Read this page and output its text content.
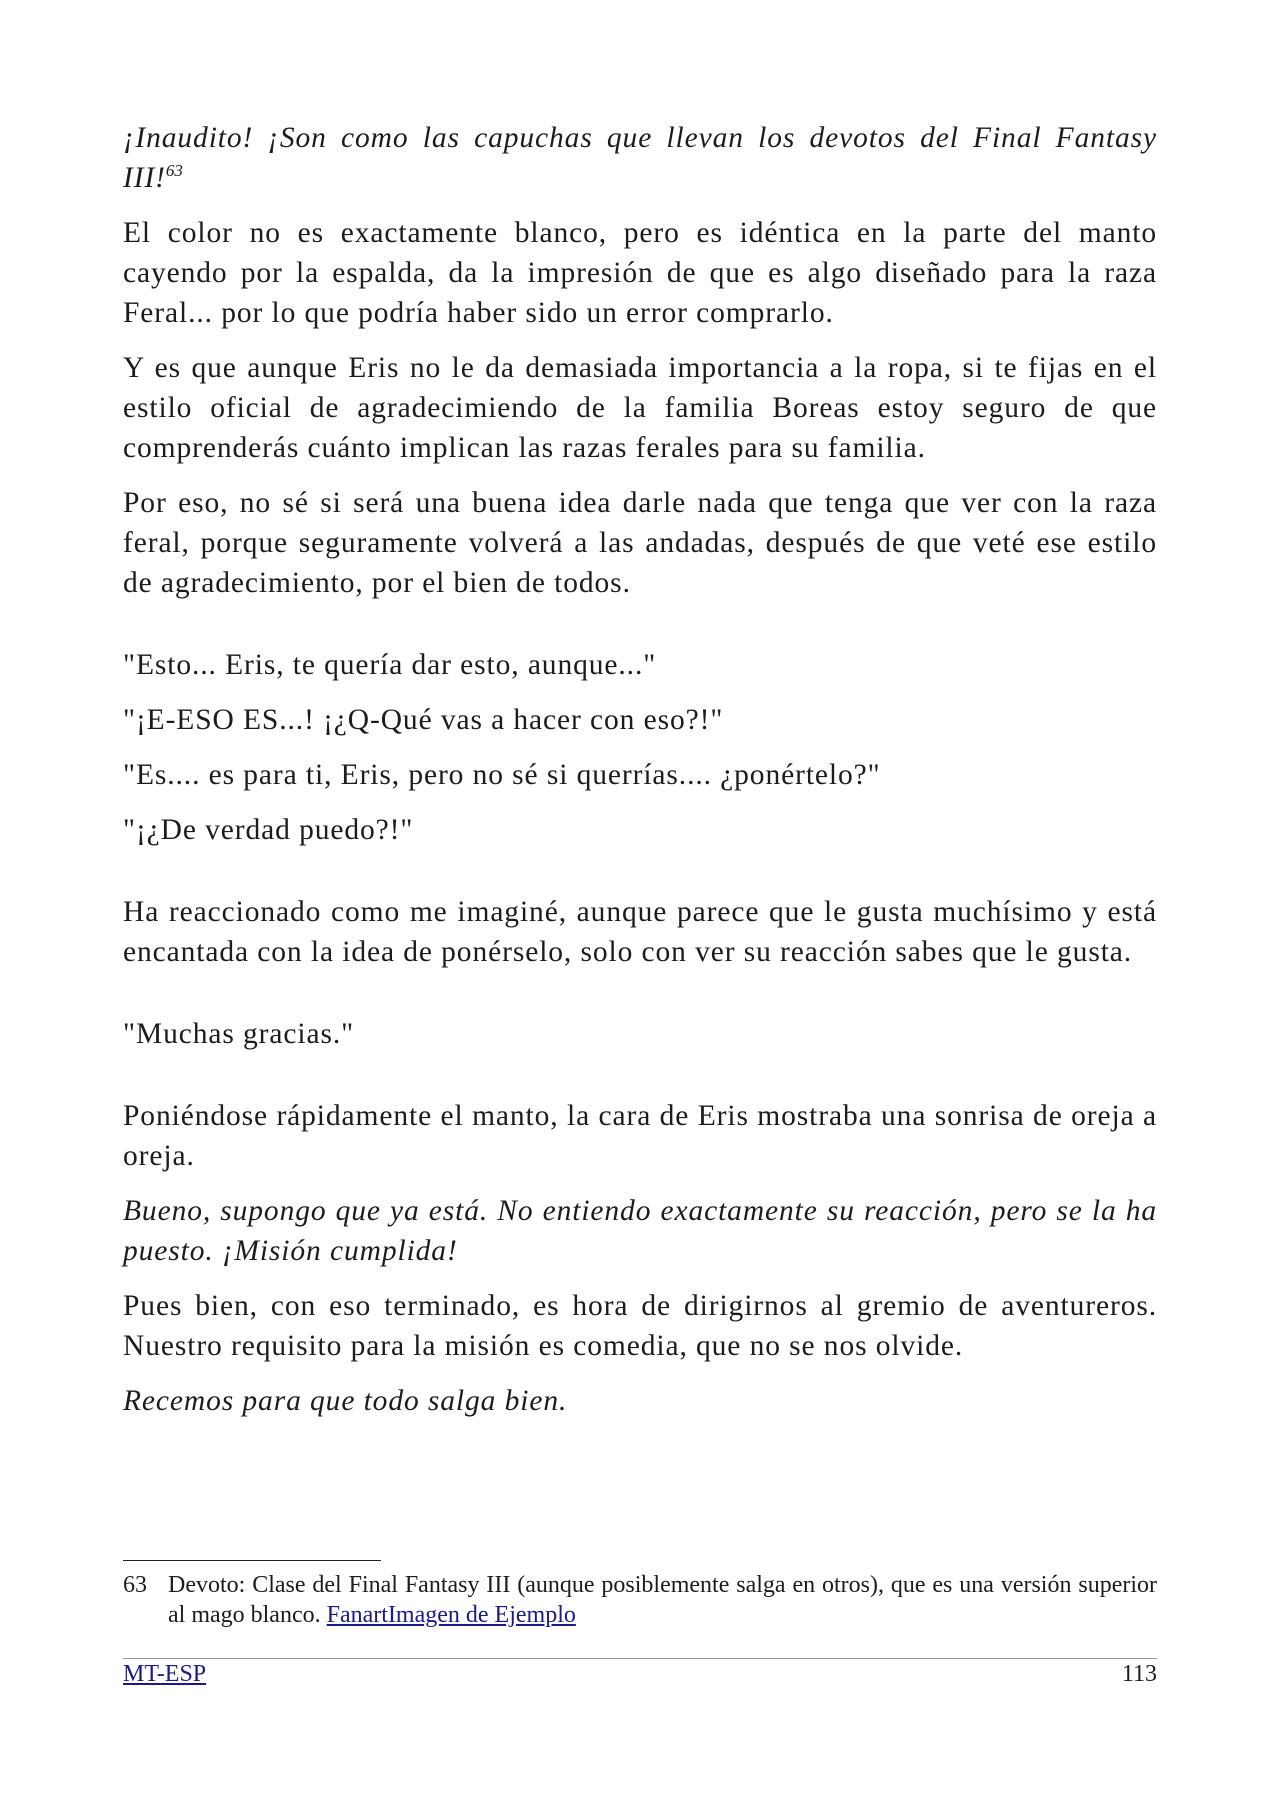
¡Inaudito! ¡Son como las capuchas que llevan los devotos del Final Fantasy III!$^{63}$

El color no es exactamente blanco, pero es idéntica en la parte del manto cayendo por la espalda, da la impresión de que es algo diseñado para la raza Feral... por lo que podría haber sido un error comprarlo.

Y es que aunque Eris no le da demasiada importancia a la ropa, si te fijas en el estilo oficial de agradecimiendo de la familia Boreas estoy seguro de que comprenderás cuánto implican las razas ferales para su familia.

Por eso, no sé si será una buena idea darle nada que tenga que ver con la raza feral, porque seguramente volverá a las andadas, después de que veté ese estilo de agradecimiento, por el bien de todos.

"Esto... Eris, te quería dar esto, aunque..."

"¡E-ESO ES...! ¡¿Q-Qué vas a hacer con eso?!"

"Es.... es para ti, Eris, pero no sé si querrías.... ¿ponértelo?"

"¡¿De verdad puedo?!"

Ha reaccionado como me imaginé, aunque parece que le gusta muchísimo y está encantada con la idea de ponérselo, solo con ver su reacción sabes que le gusta.

"Muchas gracias."

Poniéndose rápidamente el manto, la cara de Eris mostraba una sonrisa de oreja a oreja.

Bueno, supongo que ya está. No entiendo exactamente su reacción, pero se la ha puesto. ¡Misión cumplida!

Pues bien, con eso terminado, es hora de dirigirnos al gremio de aventureros. Nuestro requisito para la misión es comedia, que no se nos olvide.

Recemos para que todo salga bien.

63 Devoto: Clase del Final Fantasy III (aunque posiblemente salga en otros), que es una versión superior al mago blanco. FanartImagen de Ejemplo
MT-ESP	113
